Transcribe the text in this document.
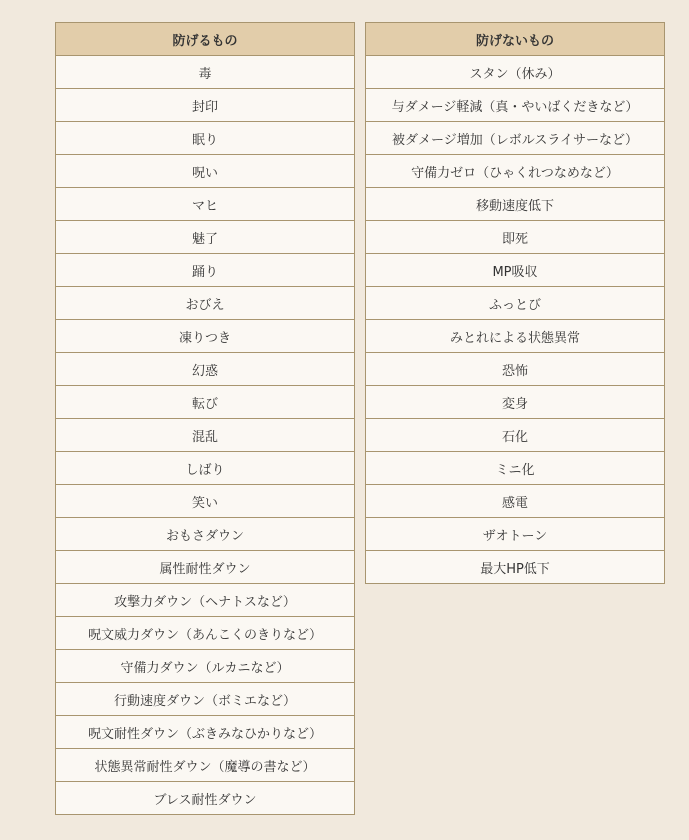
防げるもの
毒
封印
眠り
呪い
マヒ
魅了
踊り
おびえ
凍りつき
幻惑
転び
混乱
しばり
笑い
おもさダウン
属性耐性ダウン
攻撃力ダウン（ヘナトスなど）
呪文威力ダウン（あんこくのきりなど）
守備力ダウン（ルカニなど）
行動速度ダウン（ボミエなど）
呪文耐性ダウン（ぶきみなひかりなど）
状態異常耐性ダウン（魔導の書など）
ブレス耐性ダウン
防げないもの
スタン（休み）
与ダメージ軽減（真・やいばくだきなど）
被ダメージ増加（レボルスライサーなど）
守備力ゼロ（ひゃくれつなめなど）
移動速度低下
即死
MP吸収
ふっとび
みとれによる状態異常
恐怖
変身
石化
ミニ化
感電
ザオトーン
最大HP低下
